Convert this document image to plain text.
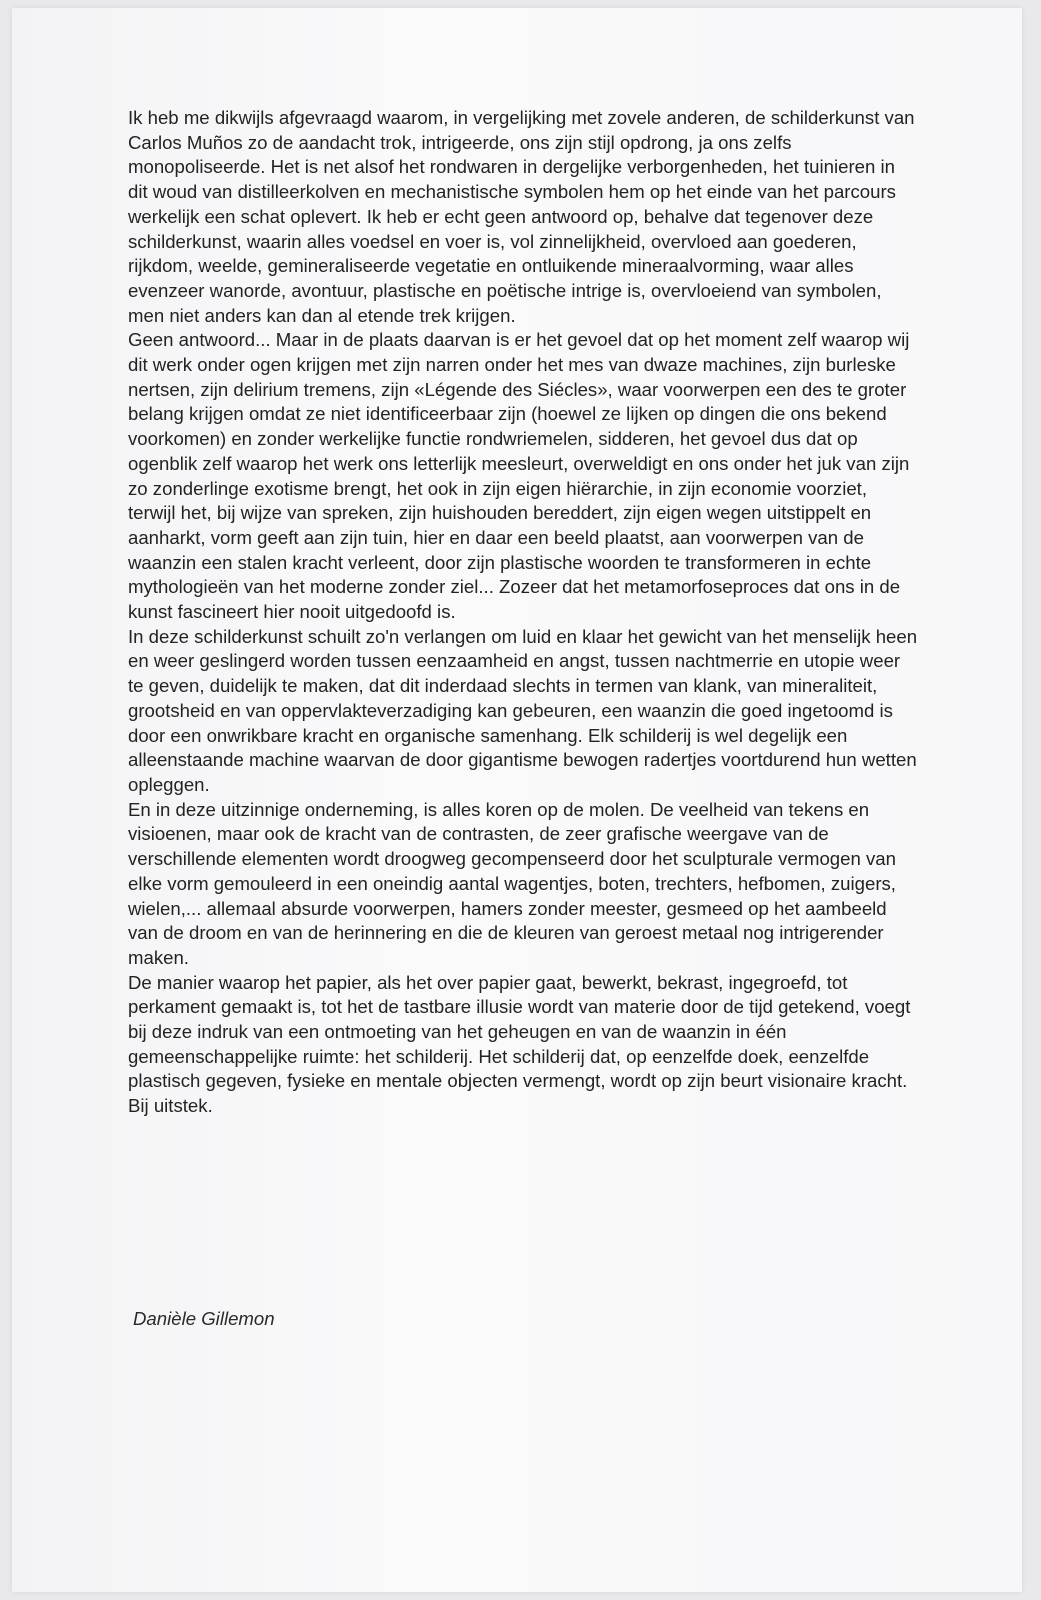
Ik heb me dikwijls afgevraagd waarom, in vergelijking met zovele anderen, de schilderkunst van Carlos Muños zo de aandacht trok, intrigeerde, ons zijn stijl opdrong, ja ons zelfs monopoliseerde. Het is net alsof het rondwaren in dergelijke verborgenheden, het tuinieren in dit woud van distilleerkolven en mechanistische symbolen hem op het einde van het parcours werkelijk een schat oplevert. Ik heb er echt geen antwoord op, behalve dat tegenover deze schilderkunst, waarin alles voedsel en voer is, vol zinnelijkheid, overvloed aan goederen, rijkdom, weelde, gemineraliseerde vegetatie en ontluikende mineraalvorming, waar alles evenzeer wanorde, avontuur, plastische en poëtische intrige is, overvloeiend van symbolen, men niet anders kan dan al etende trek krijgen.

Geen antwoord... Maar in de plaats daarvan is er het gevoel dat op het moment zelf waarop wij dit werk onder ogen krijgen met zijn narren onder het mes van dwaze machines, zijn burleske nertsen, zijn delirium tremens, zijn «Légende des Siécles», waar voorwerpen een des te groter belang krijgen omdat ze niet identificeerbaar zijn (hoewel ze lijken op dingen die ons bekend voorkomen) en zonder werkelijke functie rondwriemelen, sidderen, het gevoel dus dat op ogenblik zelf waarop het werk ons letterlijk meesleurt, overweldigt en ons onder het juk van zijn zo zonderlinge exotisme brengt, het ook in zijn eigen hiërarchie, in zijn economie voorziet, terwijl het, bij wijze van spreken, zijn huishouden bereddert, zijn eigen wegen uitstippelt en aanharkt, vorm geeft aan zijn tuin, hier en daar een beeld plaatst, aan voorwerpen van de waanzin een stalen kracht verleent, door zijn plastische woorden te transformeren in echte mythologieën van het moderne zonder ziel... Zozeer dat het metamorfoseproces dat ons in de kunst fascineert hier nooit uitgedoofd is.

In deze schilderkunst schuilt zo'n verlangen om luid en klaar het gewicht van het menselijk heen en weer geslingerd worden tussen eenzaamheid en angst, tussen nachtmerrie en utopie weer te geven, duidelijk te maken, dat dit inderdaad slechts in termen van klank, van mineraliteit, grootsheid en van oppervlakteverzadiging kan gebeuren, een waanzin die goed ingetoomd is door een onwrikbare kracht en organische samenhang. Elk schilderij is wel degelijk een alleenstaande machine waarvan de door gigantisme bewogen radertjes voortdurend hun wetten opleggen.

En in deze uitzinnige onderneming, is alles koren op de molen. De veelheid van tekens en visioenen, maar ook de kracht van de contrasten, de zeer grafische weergave van de verschillende elementen wordt droogweg gecompenseerd door het sculpturale vermogen van elke vorm gemouleerd in een oneindig aantal wagentjes, boten, trechters, hefbomen, zuigers, wielen,... allemaal absurde voorwerpen, hamers zonder meester, gesmeed op het aambeeld van de droom en van de herinnering en die de kleuren van geroest metaal nog intrigerender maken.

De manier waarop het papier, als het over papier gaat, bewerkt, bekrast, ingegroefd, tot perkament gemaakt is, tot het de tastbare illusie wordt van materie door de tijd getekend, voegt bij deze indruk van een ontmoeting van het geheugen en van de waanzin in één gemeenschappelijke ruimte: het schilderij. Het schilderij dat, op eenzelfde doek, eenzelfde plastisch gegeven, fysieke en mentale objecten vermengt, wordt op zijn beurt visionaire kracht. Bij uitstek.

Danièle Gillemon
